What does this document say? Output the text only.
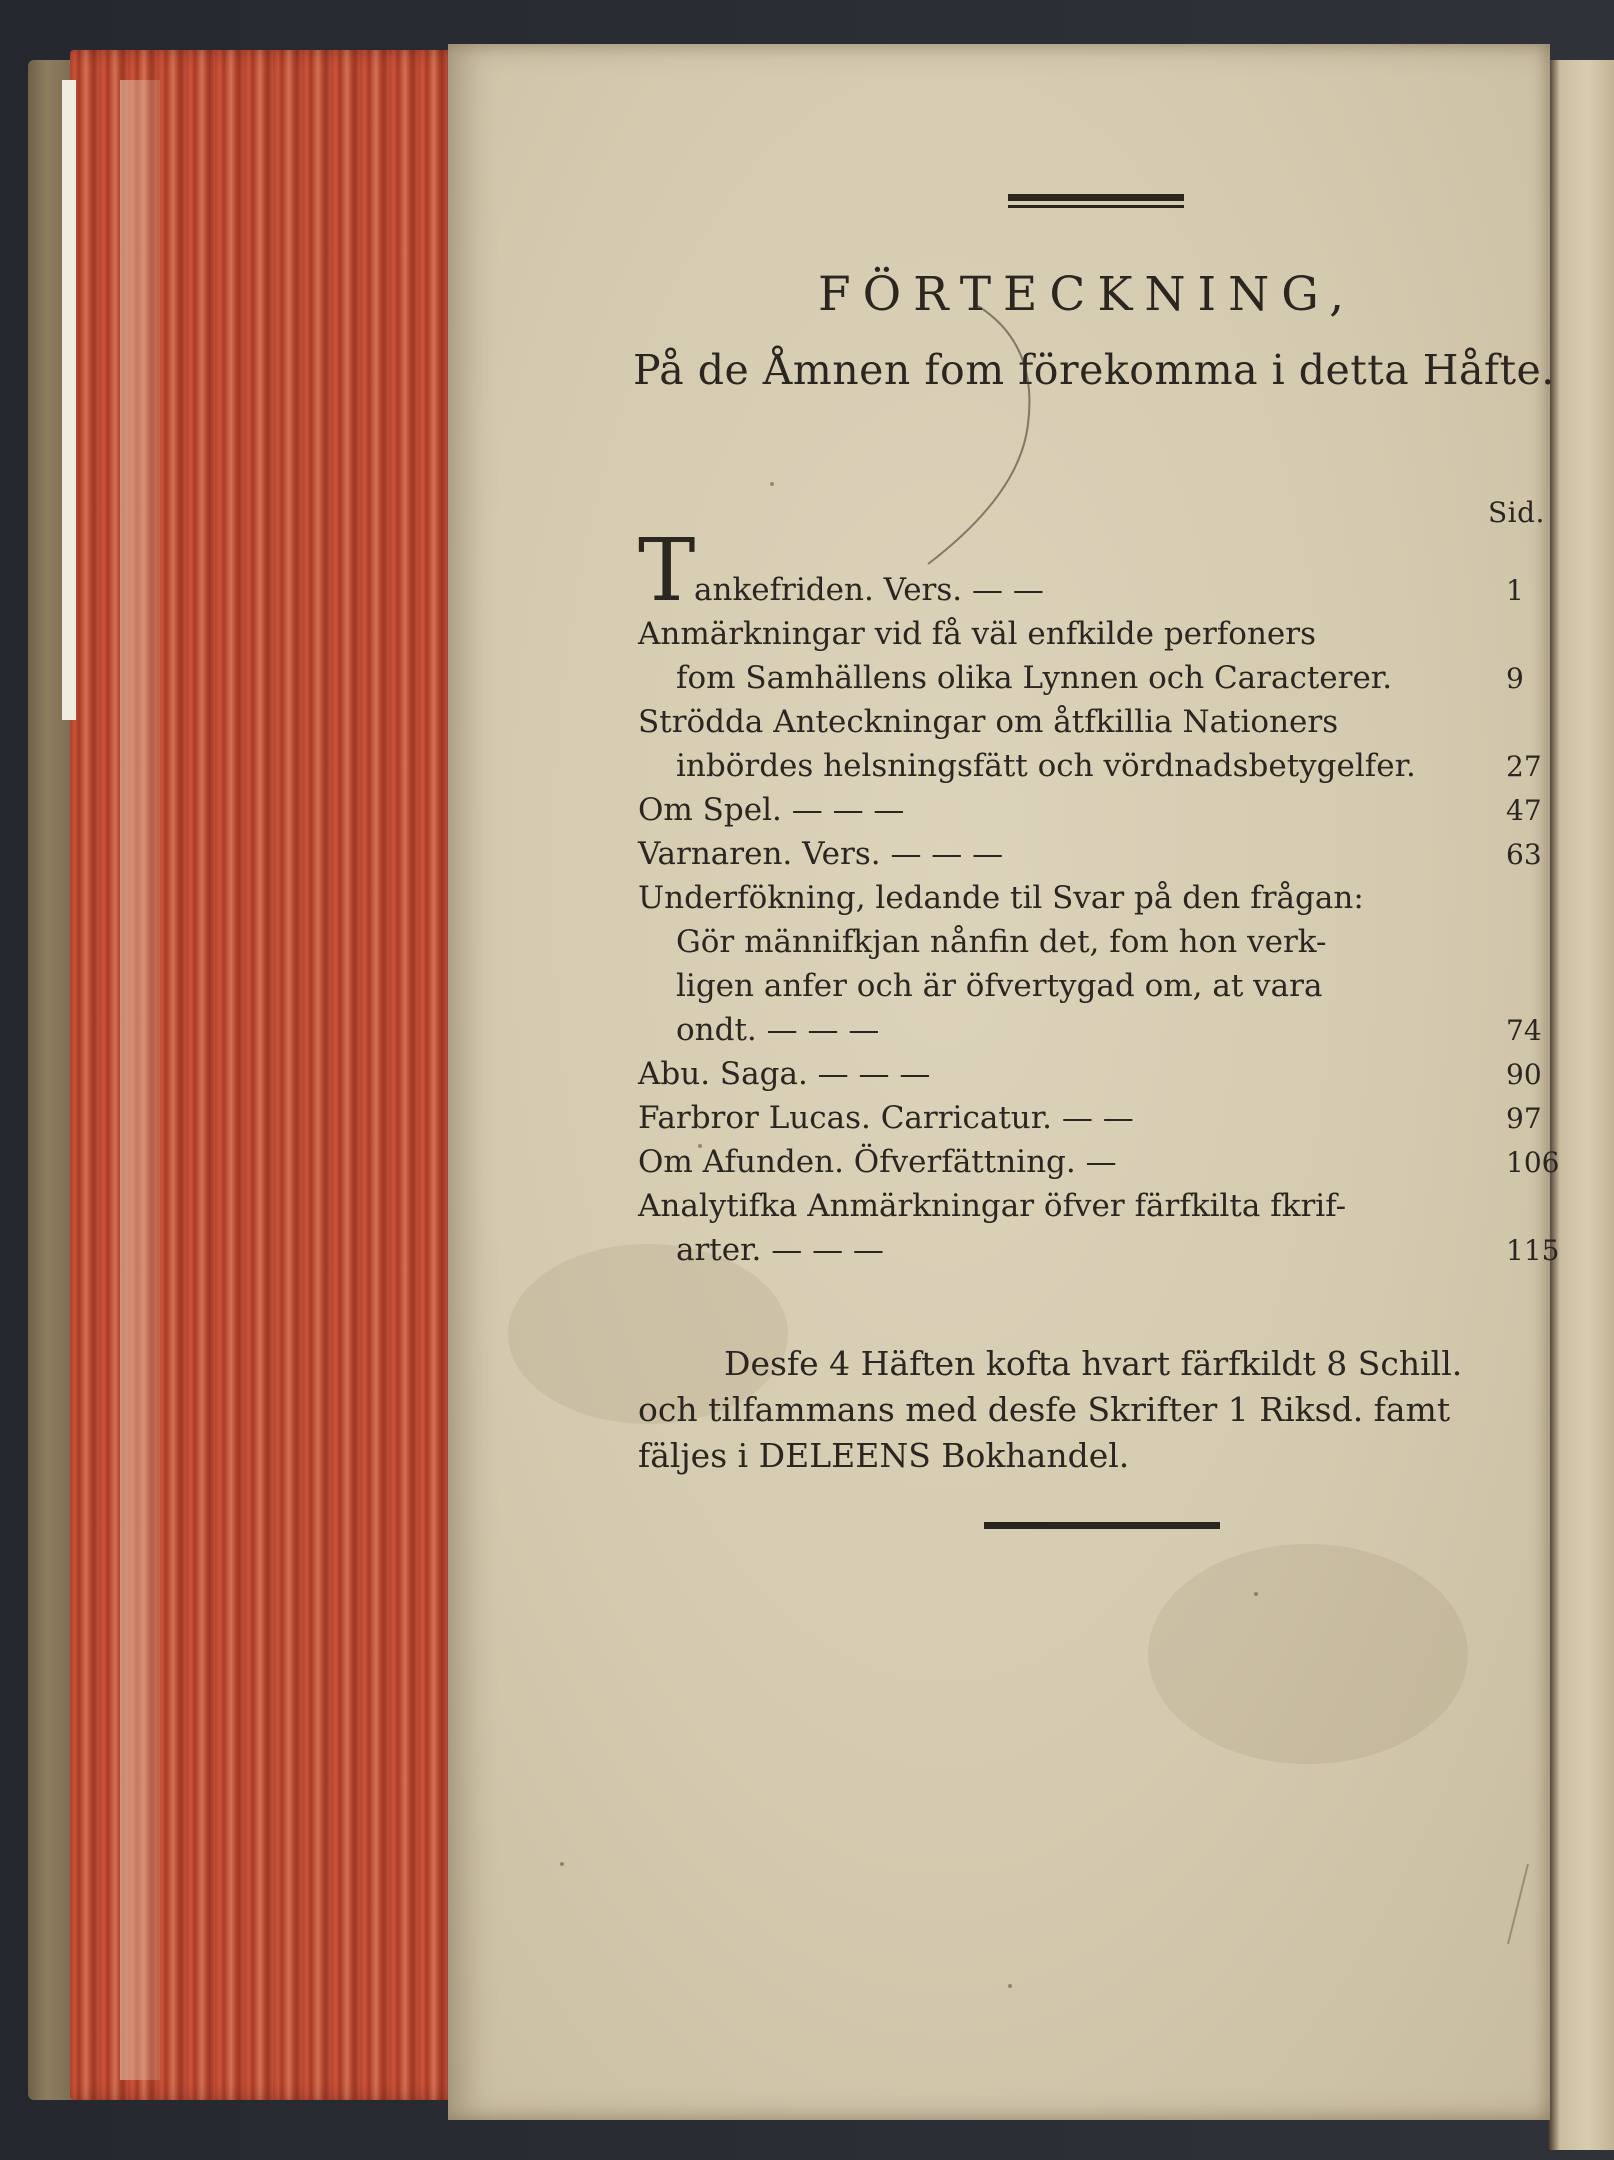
FÖRTECKNING,
På de Åmnen fom förekomma i detta Håfte.
Sid.
T
ankefriden. Vers. — —	1
Anmärkningar vid få väl enfkilde perfoners
fom Samhällens olika Lynnen och Caracterer.	9
Strödda Anteckningar om åtfkillia Nationers
inbördes helsningsfätt och vördnadsbetygelfer.	27
Om Spel. — — —	47
Varnaren. Vers. — — —	63
Underfökning, ledande til Svar på den frågan:
Gör männifkjan nånfin det, fom hon verk-
ligen anfer och är öfvertygad om, at vara
ondt. — — —	74
Abu. Saga. — — —	90
Farbror Lucas. Carricatur. — —	97
Om Afunden. Öfverfättning. —	106
Analytifka Anmärkningar öfver färfkilta fkrif-
arter. — — —	115
Desfe 4 Häften kofta hvart färfkildt 8 Schill.
och tilfammans med desfe Skrifter 1 Riksd. famt
fäljes i DELEENS Bokhandel.
